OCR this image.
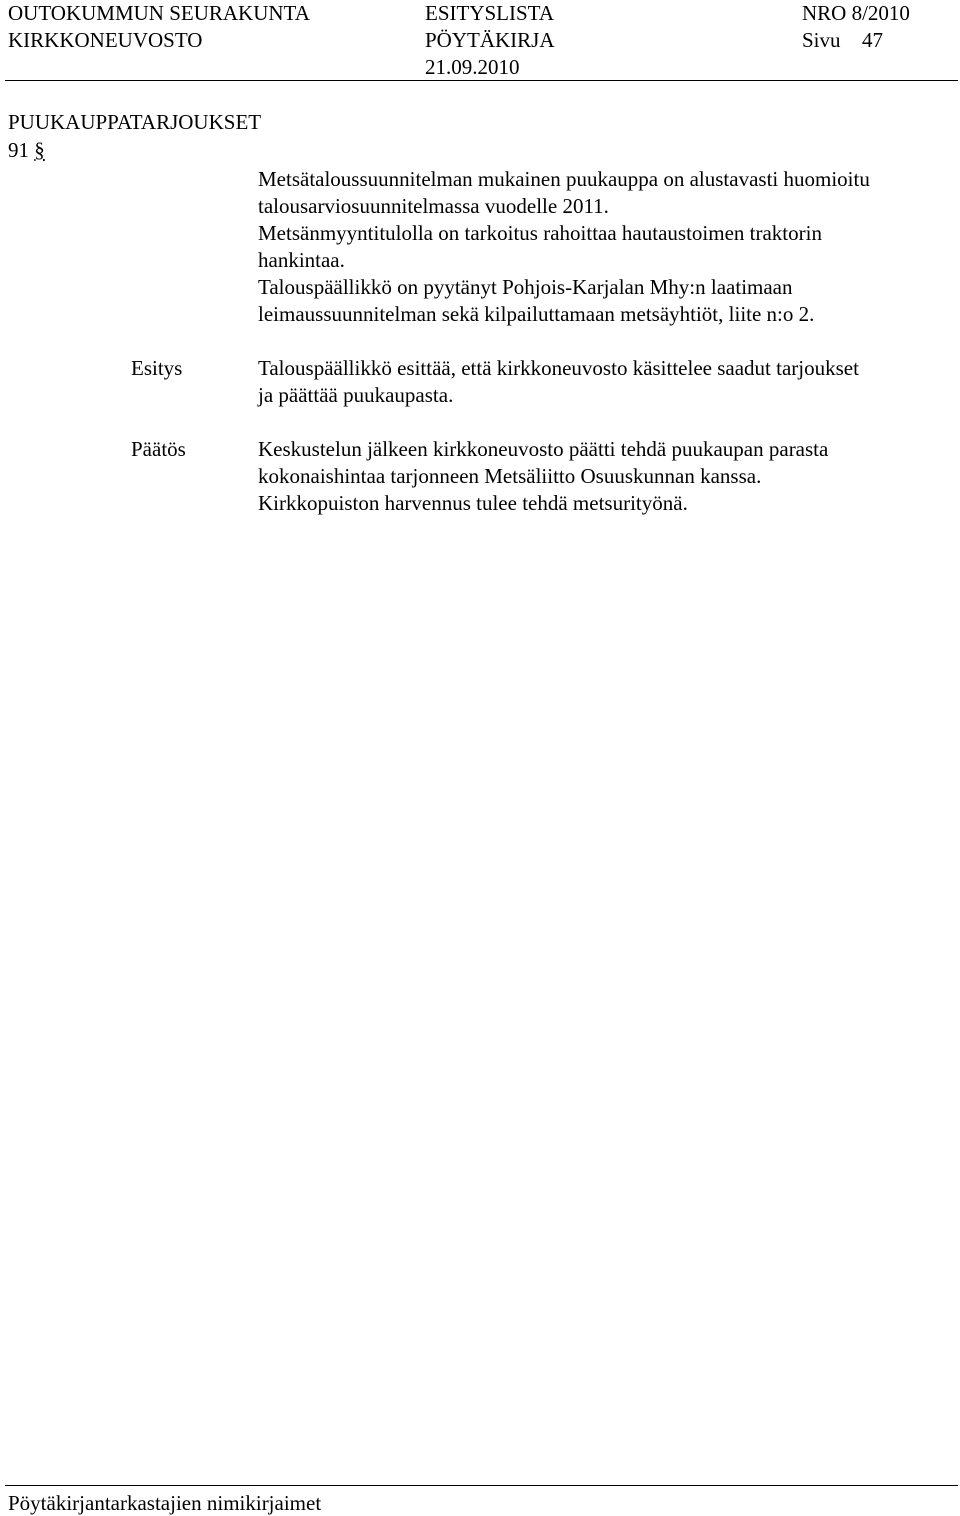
OUTOKUMMUN SEURAKUNTA
KIRKKONEUVOSTO
ESITYSLISTA
PÖYTÄKIRJA
21.09.2010
NRO 8/2010
Sivu 47
PUUKAUPPATARJOUKSET
91 §
Metsätaloussuunnitelman mukainen puukauppa on alustavasti huomioitu
talousarviosuunnitelmassa vuodelle 2011.
Metsänmyyntitulolla on tarkoitus rahoittaa hautaustoimen traktorin
hankintaa.
Talouspäällikkö on pyytänyt Pohjois-Karjalan Mhy:n laatimaan
leimaussuunnitelman sekä kilpailuttamaan metsäyhtiöt, liite n:o 2.
Esitys	Talouspäällikkö esittää, että kirkkoneuvosto käsittelee saadut tarjoukset
ja päättää puukaupasta.
Päätös	Keskustelun jälkeen kirkkoneuvosto päätti tehdä puukaupan parasta
kokonaishintaa tarjonneen Metsäliitto Osuuskunnan kanssa.
Kirkkopuiston harvennus tulee tehdä metsurityönä.
Pöytäkirjantarkastajien nimikirjaimet
